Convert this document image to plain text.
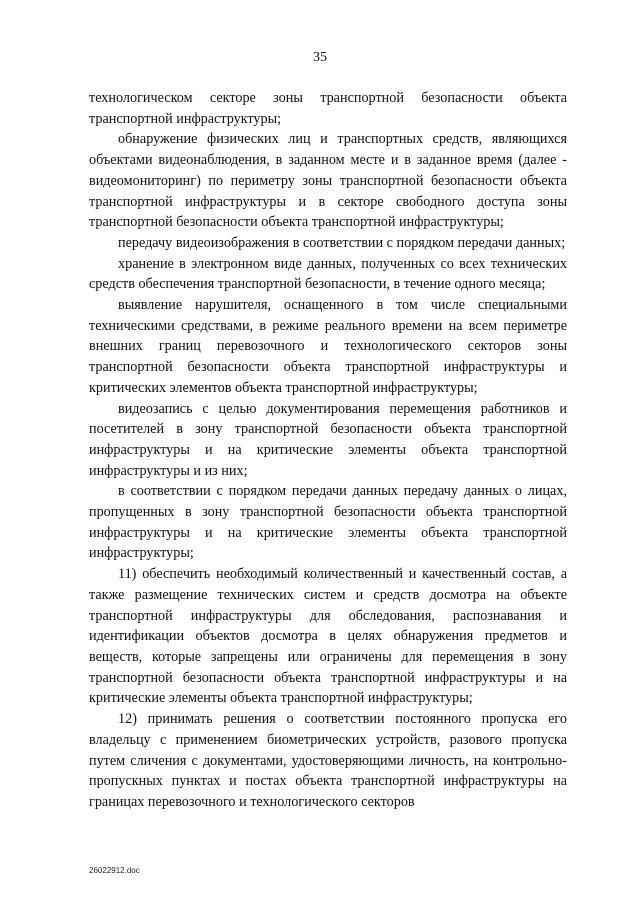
35

технологическом секторе зоны транспортной безопасности объекта транспортной инфраструктуры;

обнаружение физических лиц и транспортных средств, являющихся объектами видеонаблюдения, в заданном месте и в заданное время (далее - видеомониторинг) по периметру зоны транспортной безопасности объекта транспортной инфраструктуры и в секторе свободного доступа зоны транспортной безопасности объекта транспортной инфраструктуры;

передачу видеоизображения в соответствии с порядком передачи данных;

хранение в электронном виде данных, полученных со всех технических средств обеспечения транспортной безопасности, в течение одного месяца;

выявление нарушителя, оснащенного в том числе специальными техническими средствами, в режиме реального времени на всем периметре внешних границ перевозочного и технологического секторов зоны транспортной безопасности объекта транспортной инфраструктуры и критических элементов объекта транспортной инфраструктуры;

видеозапись с целью документирования перемещения работников и посетителей в зону транспортной безопасности объекта транспортной инфраструктуры и на критические элементы объекта транспортной инфраструктуры и из них;

в соответствии с порядком передачи данных передачу данных о лицах, пропущенных в зону транспортной безопасности объекта транспортной инфраструктуры и на критические элементы объекта транспортной инфраструктуры;

11) обеспечить необходимый количественный и качественный состав, а также размещение технических систем и средств досмотра на объекте транспортной инфраструктуры для обследования, распознавания и идентификации объектов досмотра в целях обнаружения предметов и веществ, которые запрещены или ограничены для перемещения в зону транспортной безопасности объекта транспортной инфраструктуры и на критические элементы объекта транспортной инфраструктуры;

12) принимать решения о соответствии постоянного пропуска его владельцу с применением биометрических устройств, разового пропуска путем сличения с документами, удостоверяющими личность, на контрольно-пропускных пунктах и постах объекта транспортной инфраструктуры на границах перевозочного и технологического секторов

26022912.doc
